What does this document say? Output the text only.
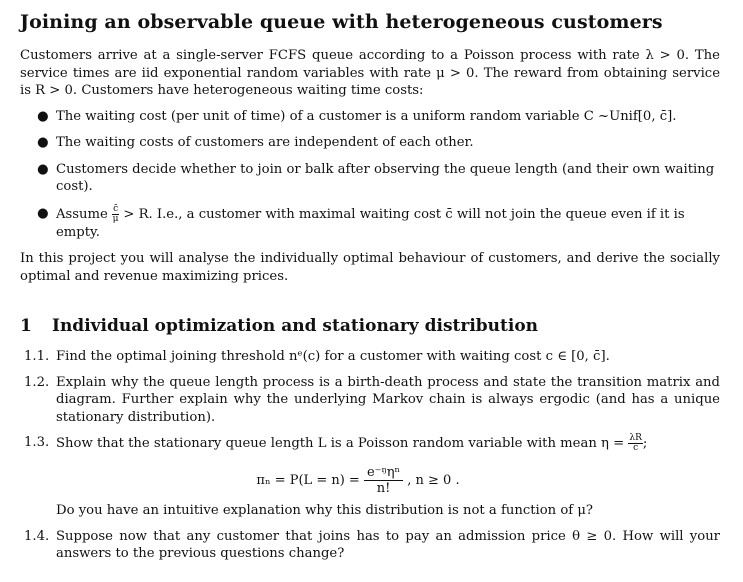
Joining an observable queue with heterogeneous customers

Customers arrive at a single-server FCFS queue according to a Poisson process with rate λ > 0. The service times are iid exponential random variables with rate μ > 0. The reward from obtaining service is R > 0. Customers have heterogeneous waiting time costs:

● The waiting cost (per unit of time) of a customer is a uniform random variable C ~Unif[0, c̄].
● The waiting costs of customers are independent of each other.
● Customers decide whether to join or balk after observing the queue length (and their own waiting cost).
● Assume $\frac{c̄}{\mu} > R$. I.e., a customer with maximal waiting cost c̄ will not join the queue even if it is empty.

In this project you will analyse the individually optimal behaviour of customers, and derive the socially optimal and revenue maximizing prices.

1 Individual optimization and stationary distribution
1.1. Find the optimal joining threshold nᵉ(c) for a customer with waiting cost c ∈ [0, c̄].
1.2. Explain why the queue length process is a birth-death process and state the transition matrix and diagram. Further explain why the underlying Markov chain is always ergodic (and has a unique stationary distribution).
1.3. Show that the stationary queue length L is a Poisson random variable with mean $\eta = \frac{\lambda R}{c̄}$ ;
$\pi_n = P(L = n) = \frac{\text{e⁻ᵑηⁿ}}{n!}$ , n ≥ 0 .

Do you have an intuitive explanation why this distribution is not a function of μ?

1.4. Suppose now that any customer that joins has to pay an admission price θ ≥ 0. How will your answers to the previous questions change?
